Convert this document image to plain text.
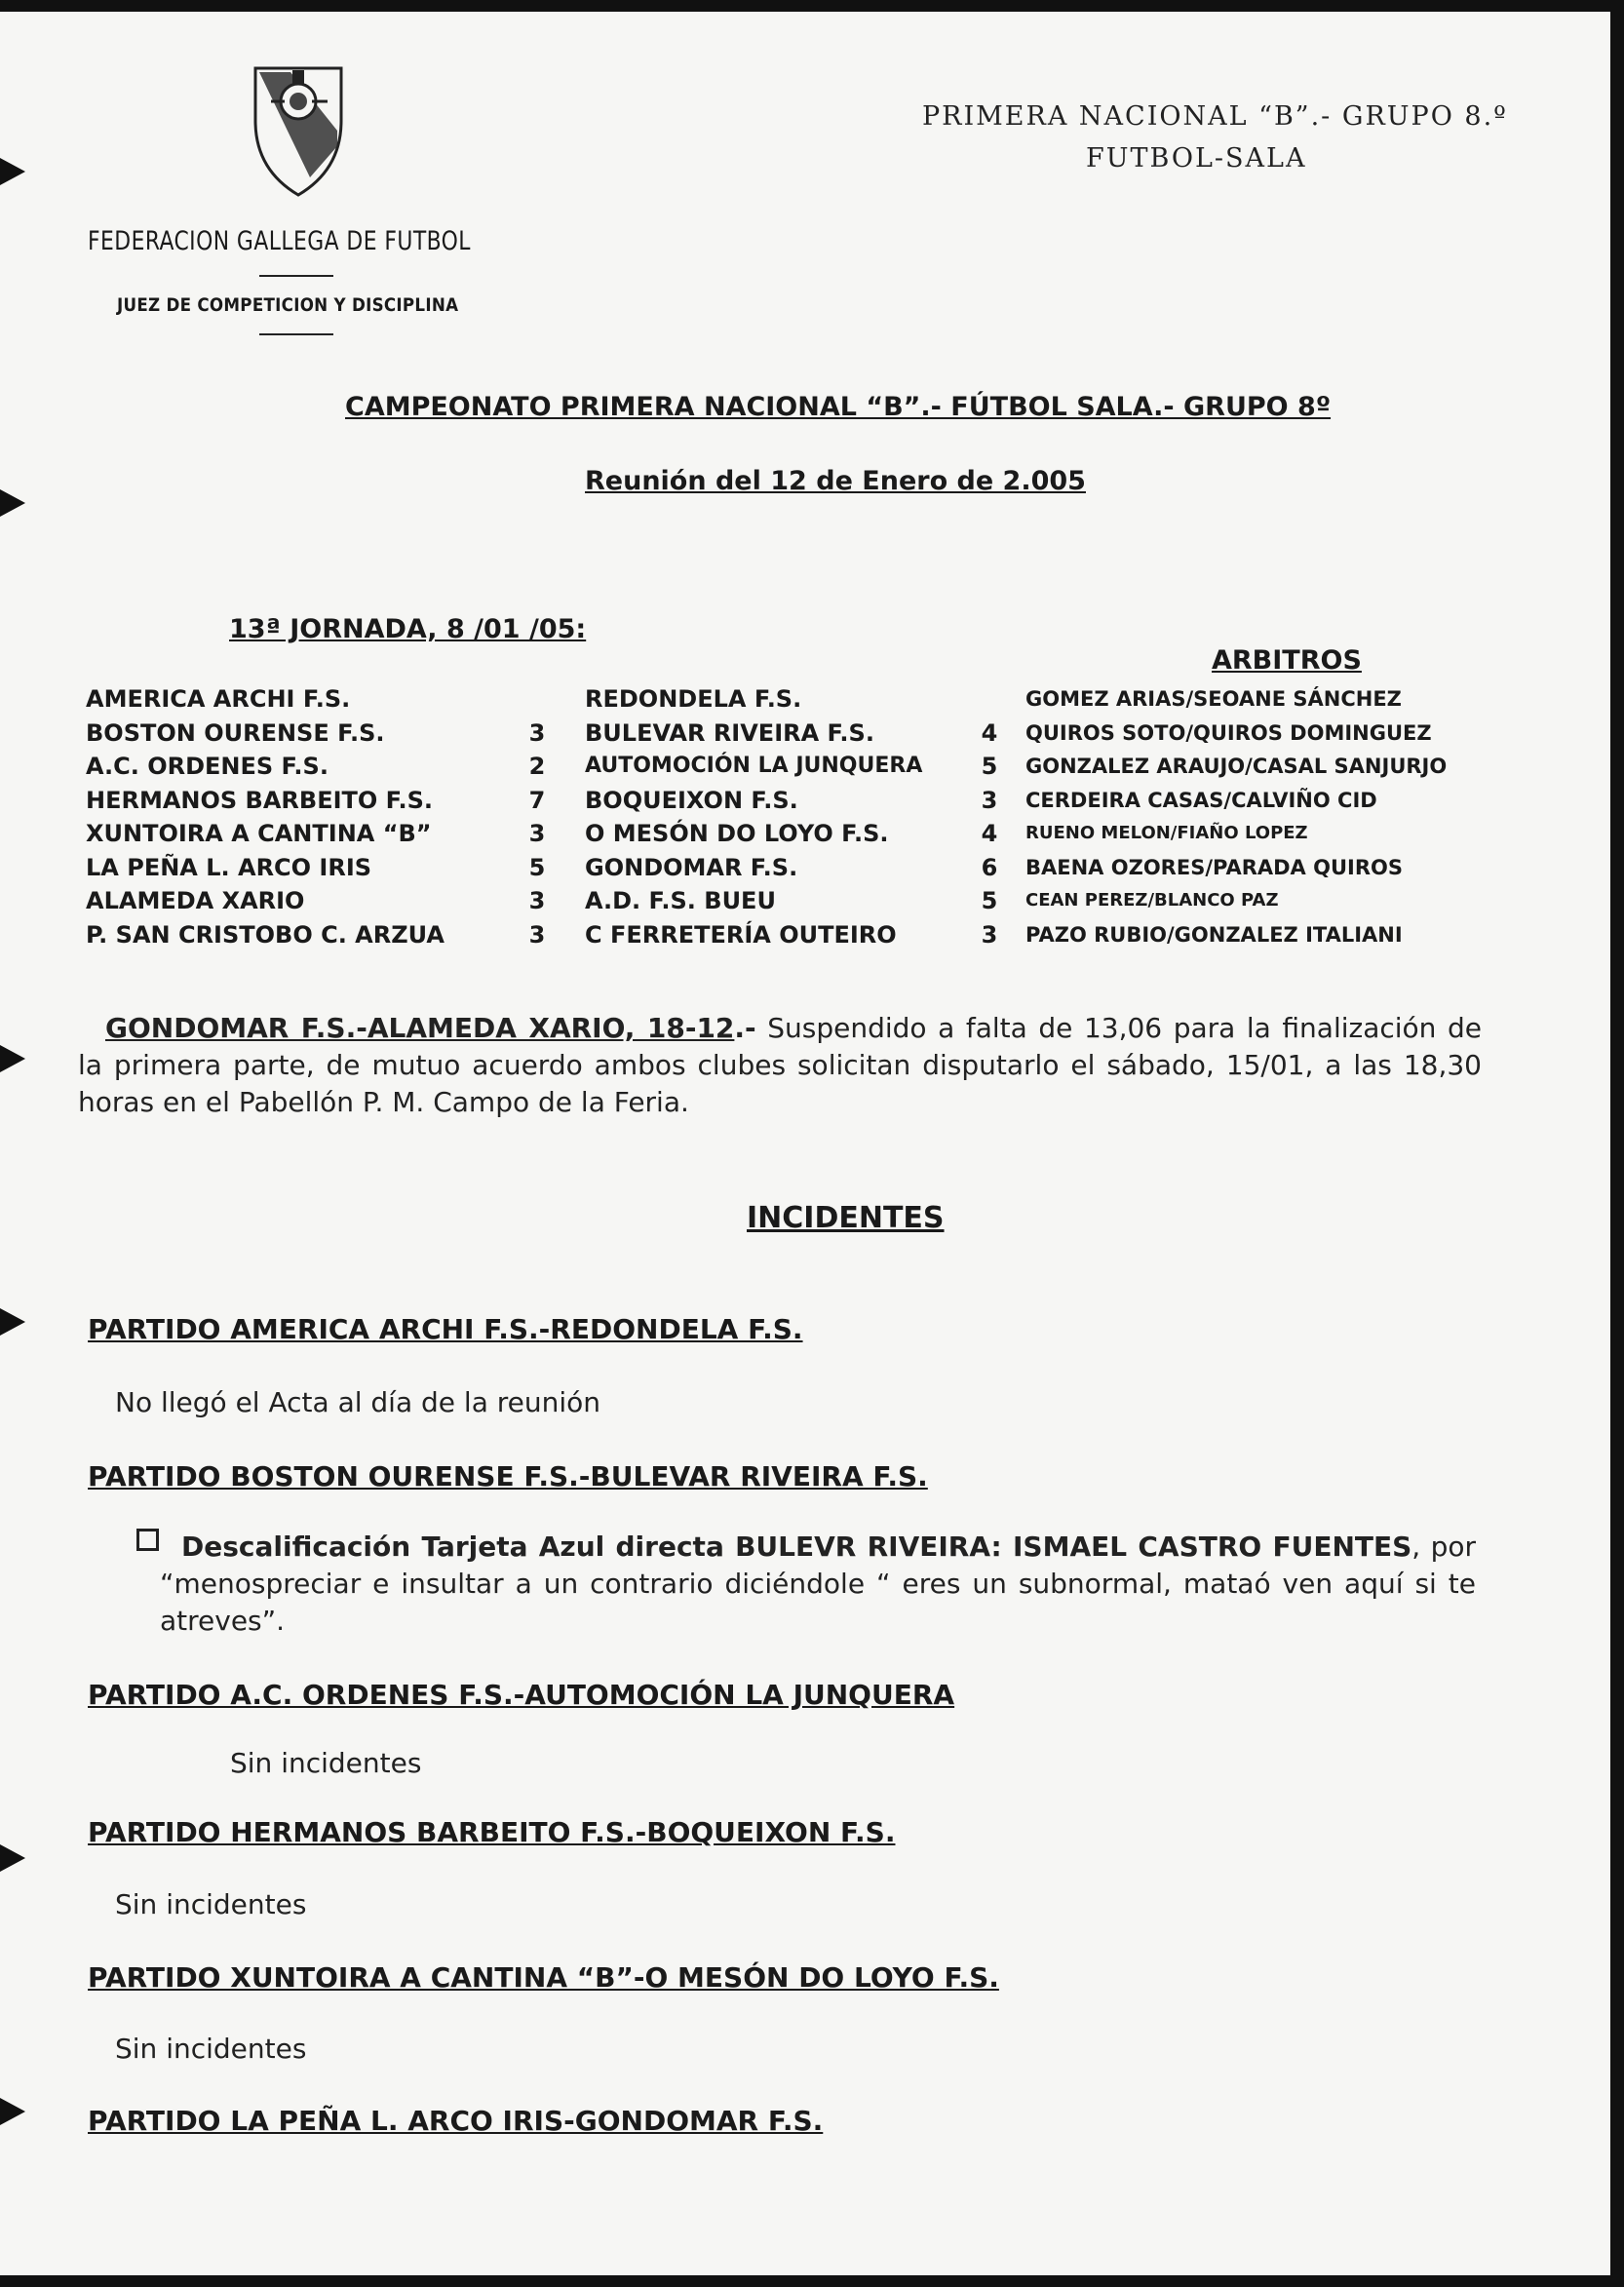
FEDERACION GALLEGA DE FUTBOL
JUEZ DE COMPETICION Y DISCIPLINA
PRIMERA NACIONAL “B”.- GRUPO 8.º
FUTBOL-SALA
CAMPEONATO PRIMERA NACIONAL “B”.- FÚTBOL SALA.- GRUPO 8º
Reunión del 12 de Enero de 2.005
13ª JORNADA, 8 /01 /05:
ARBITROS
AMERICA ARCHI F.S.
BOSTON OURENSE F.S.
A.C. ORDENES F.S.
HERMANOS BARBEITO F.S.
XUNTOIRA A CANTINA “B”
LA PEÑA L. ARCO IRIS
ALAMEDA XARIO
P. SAN CRISTOBO C. ARZUA
3
2
7
3
5
3
3
REDONDELA F.S.
BULEVAR RIVEIRA F.S.
AUTOMOCIÓN LA JUNQUERA
BOQUEIXON F.S.
O MESÓN DO LOYO F.S.
GONDOMAR F.S.
A.D. F.S. BUEU
C FERRETERÍA OUTEIRO
4
5
3
4
6
5
3
GOMEZ ARIAS/SEOANE SÁNCHEZ
QUIROS SOTO/QUIROS DOMINGUEZ
GONZALEZ ARAUJO/CASAL SANJURJO
CERDEIRA CASAS/CALVIÑO CID
RUENO MELON/FIAÑO LOPEZ
BAENA OZORES/PARADA QUIROS
CEAN PEREZ/BLANCO PAZ
PAZO RUBIO/GONZALEZ ITALIANI
GONDOMAR F.S.-ALAMEDA XARIO, 18-12.- Suspendido a falta de 13,06 para la finalización de la primera parte, de mutuo acuerdo ambos clubes solicitan disputarlo el sábado, 15/01, a las 18,30 horas en el Pabellón P. M. Campo de la Feria.
INCIDENTES
PARTIDO AMERICA ARCHI F.S.-REDONDELA F.S.
No llegó el Acta al día de la reunión
PARTIDO BOSTON OURENSE F.S.-BULEVAR RIVEIRA F.S.
Descalificación Tarjeta Azul directa BULEVR RIVEIRA: ISMAEL CASTRO FUENTES, por “menospreciar e insultar a un contrario diciéndole “ eres un subnormal, mataó ven aquí si te atreves”.
PARTIDO A.C. ORDENES F.S.-AUTOMOCIÓN LA JUNQUERA
Sin incidentes
PARTIDO HERMANOS BARBEITO F.S.-BOQUEIXON F.S.
Sin incidentes
PARTIDO XUNTOIRA A CANTINA “B”-O MESÓN DO LOYO F.S.
Sin incidentes
PARTIDO LA PEÑA L. ARCO IRIS-GONDOMAR F.S.
